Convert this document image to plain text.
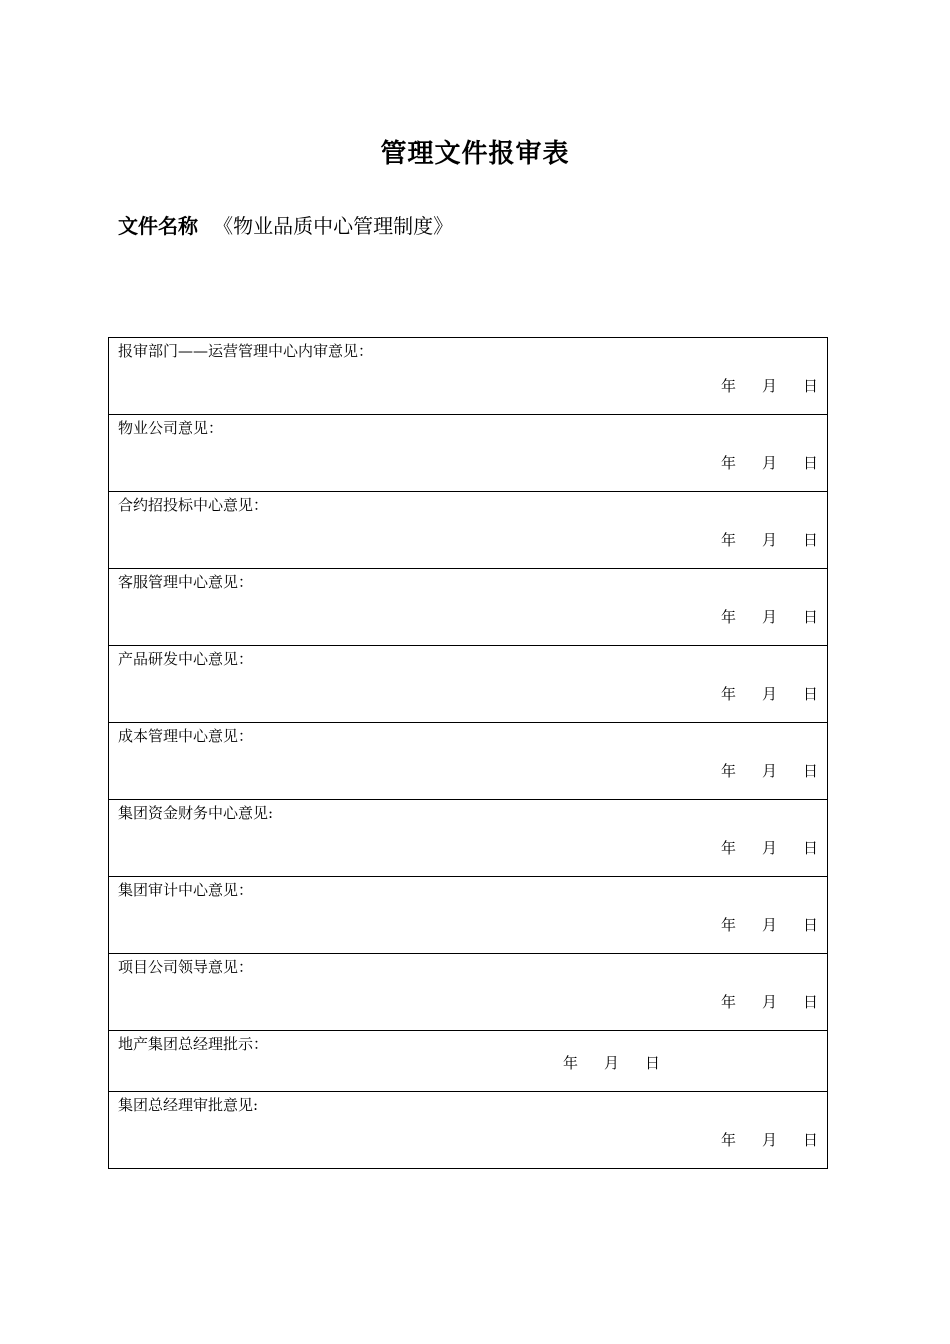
管理文件报审表
文件名称 《物业品质中心管理制度》
报审部门——运营管理中心内审意见：
年 月 日
物业公司意见：
年 月 日
合约招投标中心意见：
年 月 日
客服管理中心意见：
年 月 日
产品研发中心意见：
年 月 日
成本管理中心意见：
年 月 日
集团资金财务中心意见:
年 月 日
集团审计中心意见：
年 月 日
项目公司领导意见：
年 月 日
地产集团总经理批示：
年 月 日
集团总经理审批意见:
年 月 日
